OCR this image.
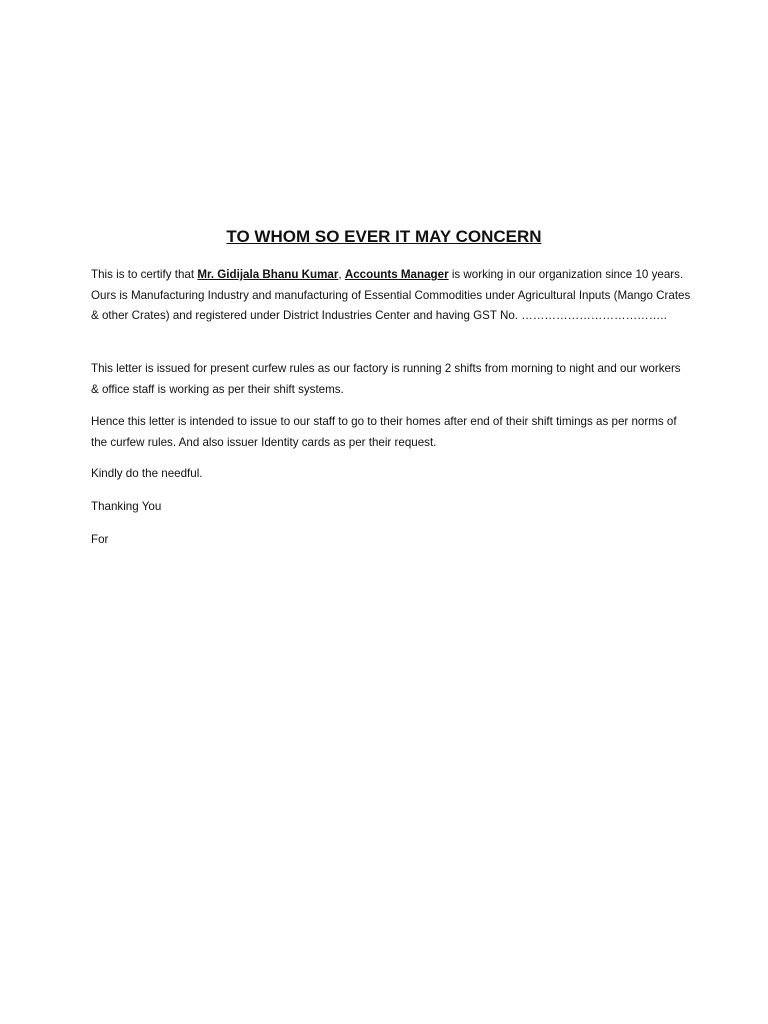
TO WHOM SO EVER IT MAY CONCERN

This is to certify that Mr. Gidijala Bhanu Kumar, Accounts Manager is working in our organization since 10 years. Ours is Manufacturing Industry and manufacturing of Essential Commodities under Agricultural Inputs (Mango Crates & other Crates) and registered under District Industries Center and having GST No. ………………………………..

This letter is issued for present curfew rules as our factory is running 2 shifts from morning to night and our workers & office staff is working as per their shift systems.

Hence this letter is intended to issue to our staff to go to their homes after end of their shift timings as per norms of the curfew rules. And also issuer Identity cards as per their request.

Kindly do the needful.

Thanking You

For
